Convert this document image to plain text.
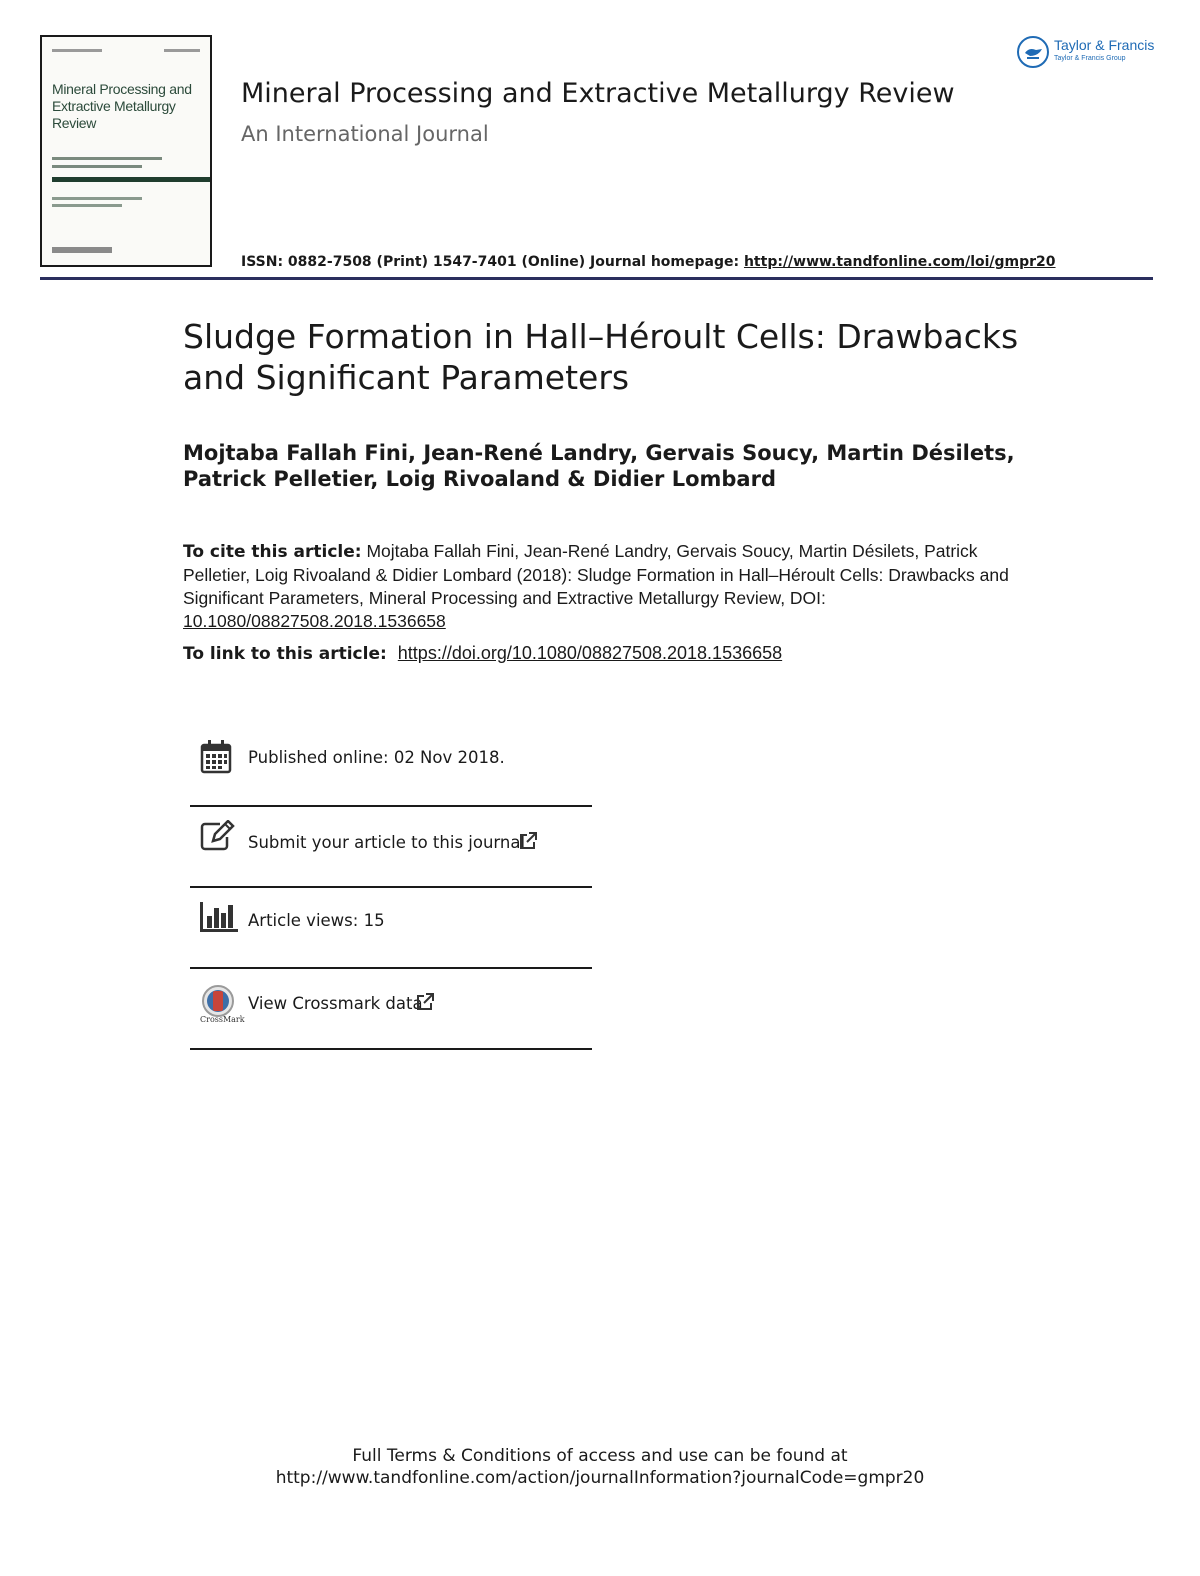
Mineral Processing and Extractive Metallurgy Review
Taylor & Francis
Taylor & Francis Group
Mineral Processing and Extractive Metallurgy Review
An International Journal
ISSN: 0882-7508 (Print) 1547-7401 (Online) Journal homepage: http://www.tandfonline.com/loi/gmpr20
Sludge Formation in Hall–Héroult Cells: Drawbacks and Significant Parameters
Mojtaba Fallah Fini, Jean-René Landry, Gervais Soucy, Martin Désilets, Patrick Pelletier, Loig Rivoaland & Didier Lombard
To cite this article: Mojtaba Fallah Fini, Jean-René Landry, Gervais Soucy, Martin Désilets, Patrick Pelletier, Loig Rivoaland & Didier Lombard (2018): Sludge Formation in Hall–Héroult Cells: Drawbacks and Significant Parameters, Mineral Processing and Extractive Metallurgy Review, DOI: 10.1080/08827508.2018.1536658
To link to this article: https://doi.org/10.1080/08827508.2018.1536658
Published online: 02 Nov 2018.
Submit your article to this journal
Article views: 15
CrossMark
View Crossmark data
Full Terms & Conditions of access and use can be found at
http://www.tandfonline.com/action/journalInformation?journalCode=gmpr20
